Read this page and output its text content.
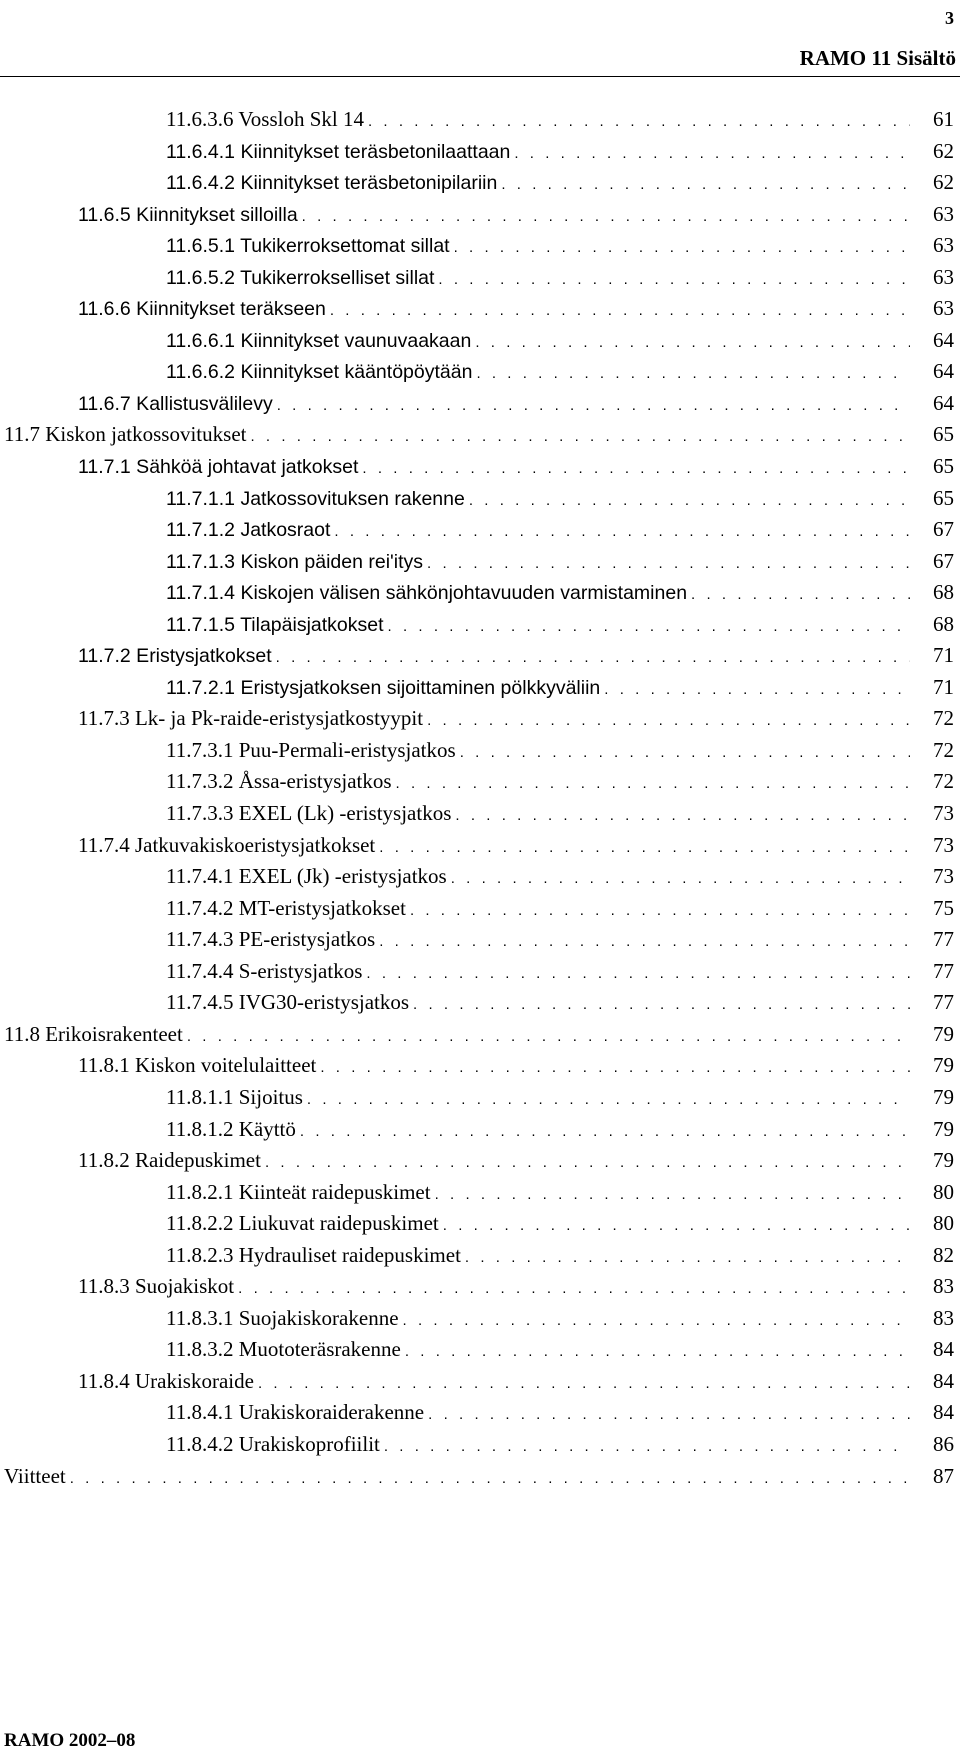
3
RAMO 11 Sisältö
11.6.3.6 Vossloh Skl 14 . . .	61
11.6.4.1 Kiinnitykset teräsbetonilaattaan . . .	62
11.6.4.2 Kiinnitykset teräsbetonipilariin . . .	62
11.6.5 Kiinnitykset silloilla . . .	63
11.6.5.1 Tukikerroksettomat sillat . . .	63
11.6.5.2 Tukikerrokselliset sillat . . .	63
11.6.6 Kiinnitykset teräkseen . . .	63
11.6.6.1 Kiinnitykset vaunuvaakaan . . .	64
11.6.6.2 Kiinnitykset kääntöpöytään . . .	64
11.6.7 Kallistusvälilevy . . .	64
11.7 Kiskon jatkossovitukset . . .	65
11.7.1 Sähköä johtavat jatkokset . . .	65
11.7.1.1 Jatkossovituksen rakenne . . .	65
11.7.1.2 Jatkosraot . . .	67
11.7.1.3 Kiskon päiden rei'itys . . .	67
11.7.1.4 Kiskojen välisen sähkönjohtavuuden varmistaminen . . .	68
11.7.1.5 Tilapäisjatkokset . . .	68
11.7.2 Eristysjatkokset . . .	71
11.7.2.1 Eristysjatkoksen sijoittaminen pölkkyväliin . . .	71
11.7.3 Lk- ja Pk-raide-eristysjatkostyypit . . .	72
11.7.3.1 Puu-Permali-eristysjatkos . . .	72
11.7.3.2 Åssa-eristysjatkos . . .	72
11.7.3.3 EXEL (Lk) -eristysjatkos . . .	73
11.7.4 Jatkuvakiskoeristysjatkokset . . .	73
11.7.4.1 EXEL (Jk) -eristysjatkos . . .	73
11.7.4.2 MT-eristysjatkokset . . .	75
11.7.4.3 PE-eristysjatkos . . .	77
11.7.4.4 S-eristysjatkos . . .	77
11.7.4.5 IVG30-eristysjatkos . . .	77
11.8 Erikoisrakenteet . . .	79
11.8.1 Kiskon voitelulaitteet . . .	79
11.8.1.1 Sijoitus . . .	79
11.8.1.2 Käyttö . . .	79
11.8.2 Raidepuskimet . . .	79
11.8.2.1 Kiinteät raidepuskimet . . .	80
11.8.2.2 Liukuvat raidepuskimet . . .	80
11.8.2.3 Hydrauliset raidepuskimet . . .	82
11.8.3 Suojakiskot . . .	83
11.8.3.1 Suojakiskorakenne . . .	83
11.8.3.2 Muototeräsrakenne . . .	84
11.8.4 Urakiskoraide . . .	84
11.8.4.1 Urakiskoraiderakenne . . .	84
11.8.4.2 Urakiskoprofiilit . . .	86
Viitteet . . .	87
RAMO 2002–08
